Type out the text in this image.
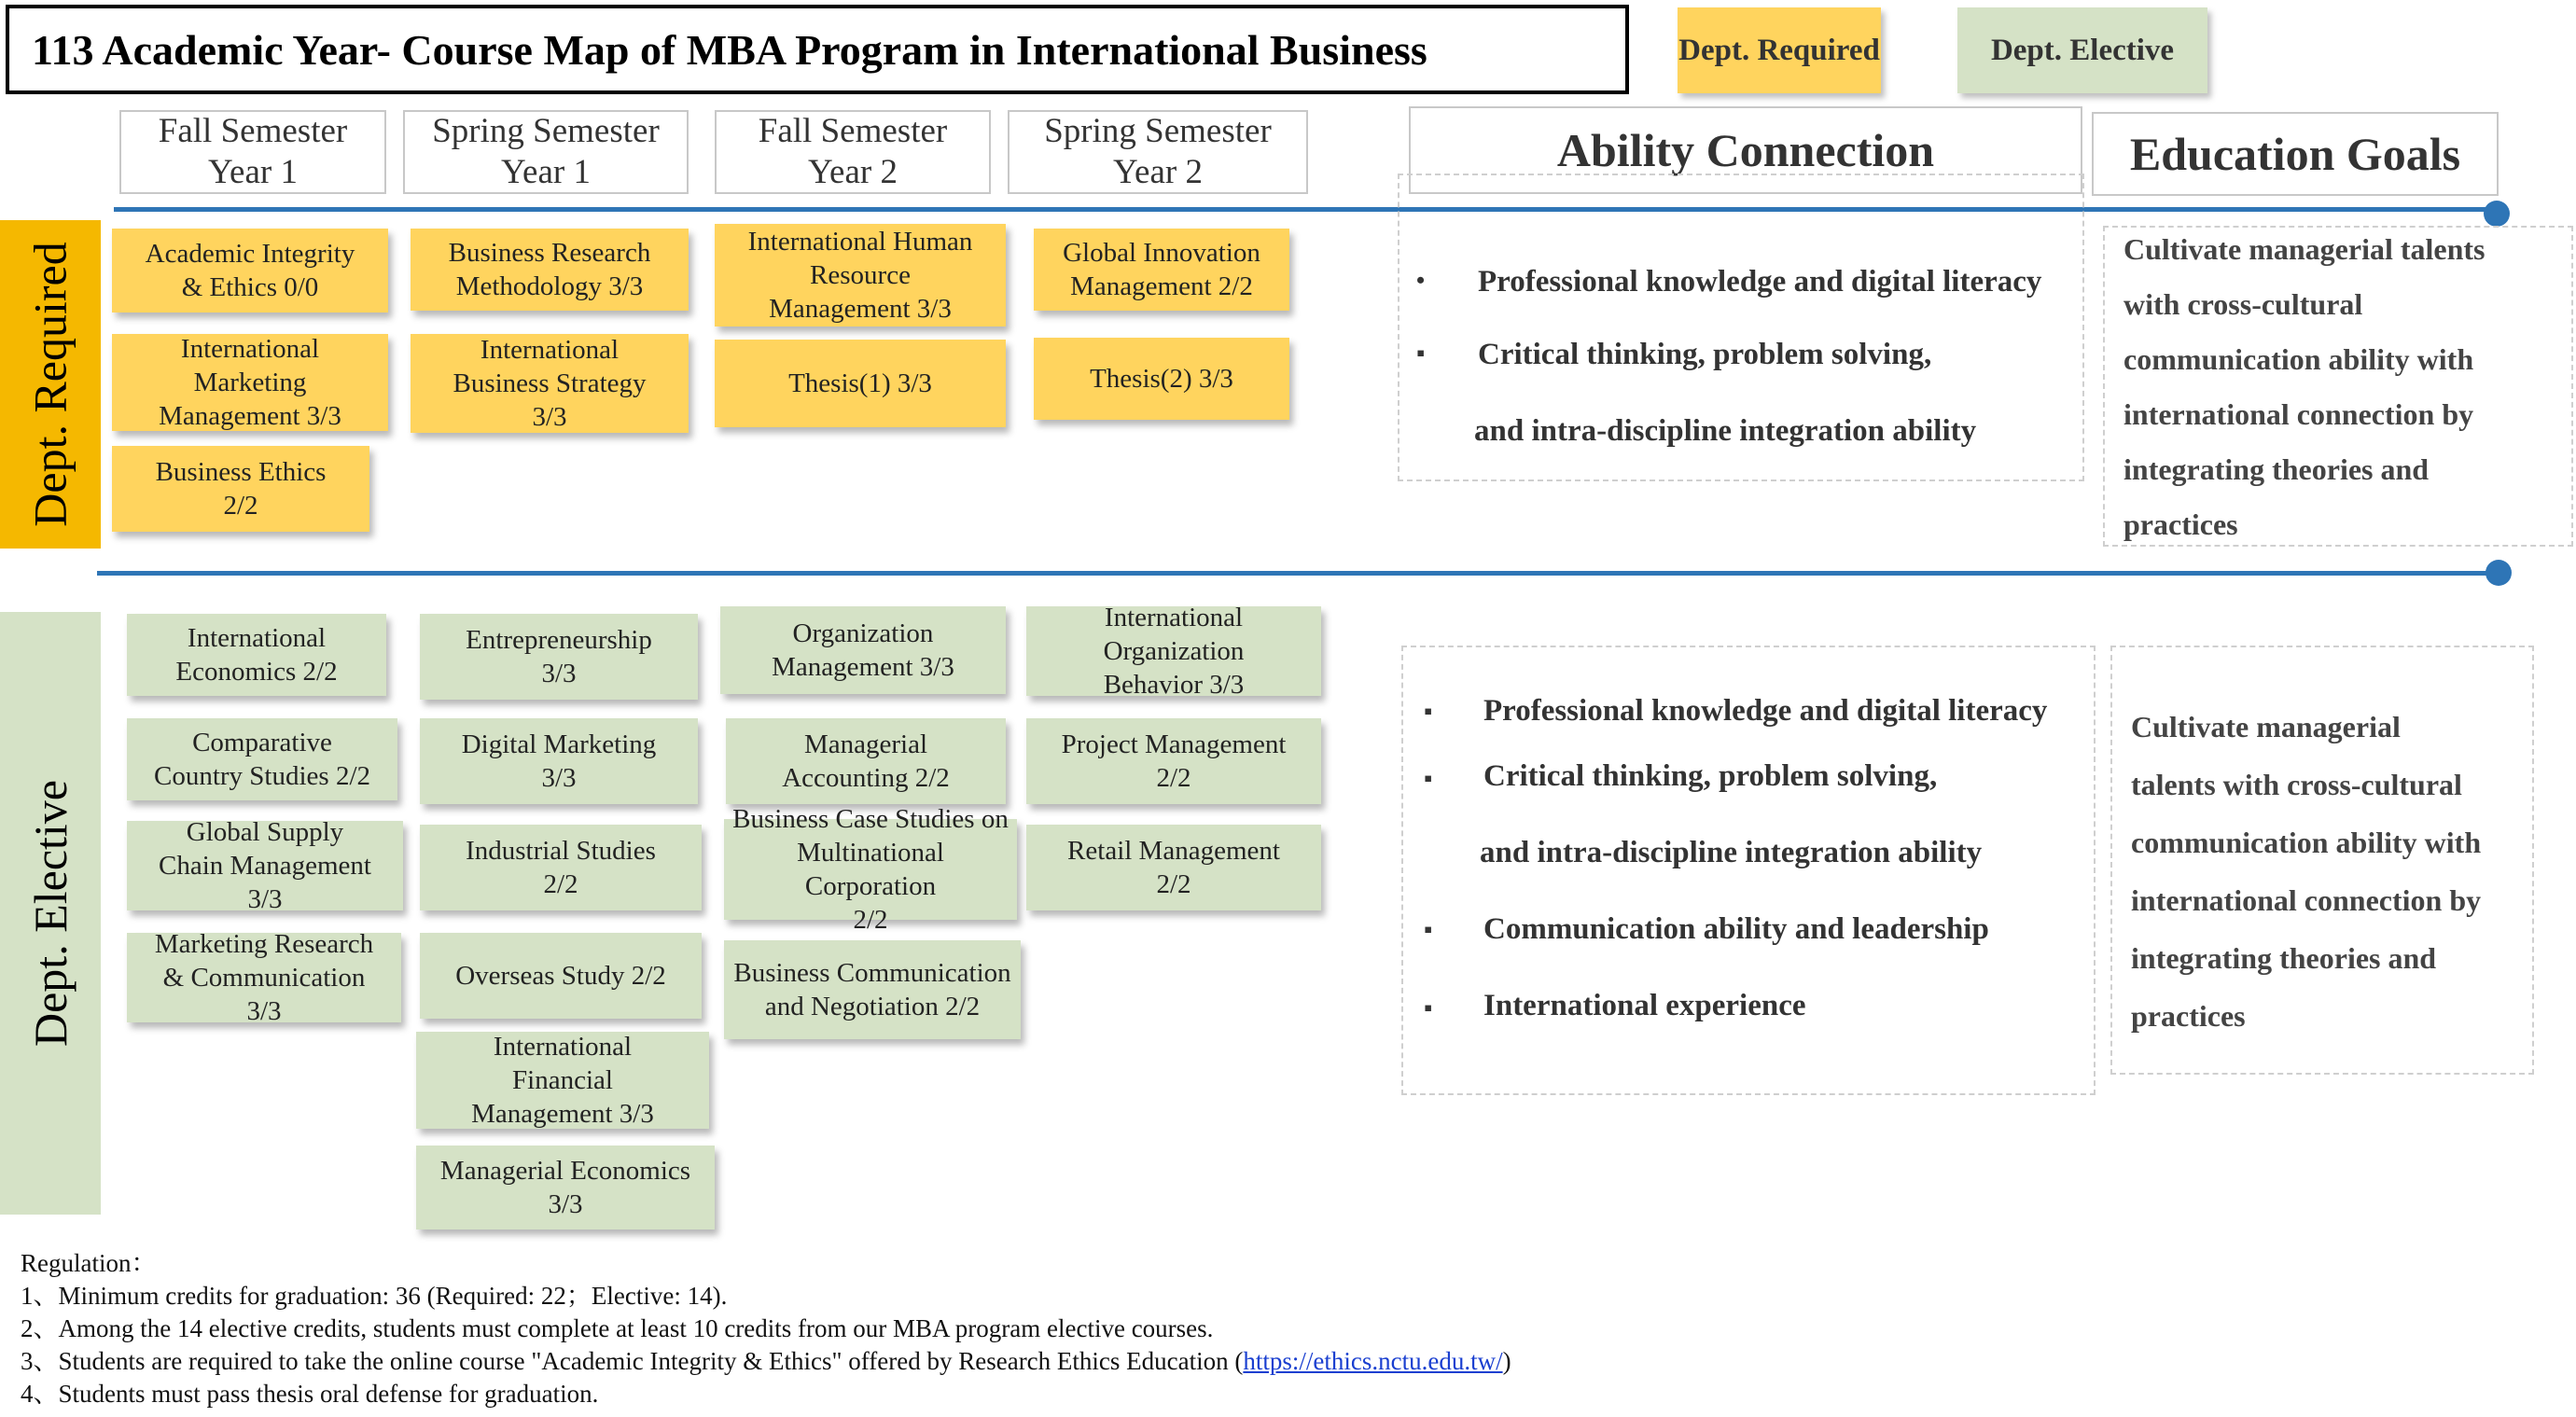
113 Academic Year- Course Map of MBA Program in International Business	Dept. Required	Dept. Elective
Fall Semester
Year 1
Spring Semester
Year 1
Fall Semester
Year 2
Spring Semester
Year 2	Ability Connection	Education Goals
Dept. Required
Dept. Elective
Academic Integrity
& Ethics 0/0
International
Marketing
Management 3/3
Business Ethics
2/2
Business Research
Methodology 3/3
International
Business Strategy
3/3
International Human
Resource
Management 3/3
Thesis(1) 3/3
Global Innovation
Management 2/2
Thesis(2) 3/3
International
Economics 2/2
Comparative
Country Studies 2/2
Global Supply
Chain Management
3/3
Marketing Research
& Communication
3/3
Entrepreneurship
3/3
Digital Marketing
3/3
Industrial Studies
2/2
Overseas Study 2/2
International
Financial
Management 3/3
Managerial Economics
3/3
Organization
Management 3/3
Managerial
Accounting 2/2
Business Case Studies on
Multinational Corporation
2/2
Business Communication
and Negotiation 2/2
International
Organization
Behavior 3/3
Project Management
2/2
Retail Management
2/2
•
▪
Professional knowledge and digital literacy
Critical thinking, problem solving,
and intra-discipline integration ability
Cultivate managerial talents
with cross-cultural
communication ability with
international connection by
integrating theories and
practices
▪
▪
▪
▪
Professional knowledge and digital literacy
Critical thinking, problem solving,
and intra-discipline integration ability
Communication ability and leadership
International experience
Cultivate managerial
talents with cross-cultural
communication ability with
international connection by
integrating theories and
practices
Regulation：
1、Minimum credits for graduation: 36 (Required: 22；Elective: 14).
2、Among the 14 elective credits, students must complete at least 10 credits from our MBA program elective courses.
3、Students are required to take the online course "Academic Integrity & Ethics" offered by Research Ethics Education (https://ethics.nctu.edu.tw/)
4、Students must pass thesis oral defense for graduation.
